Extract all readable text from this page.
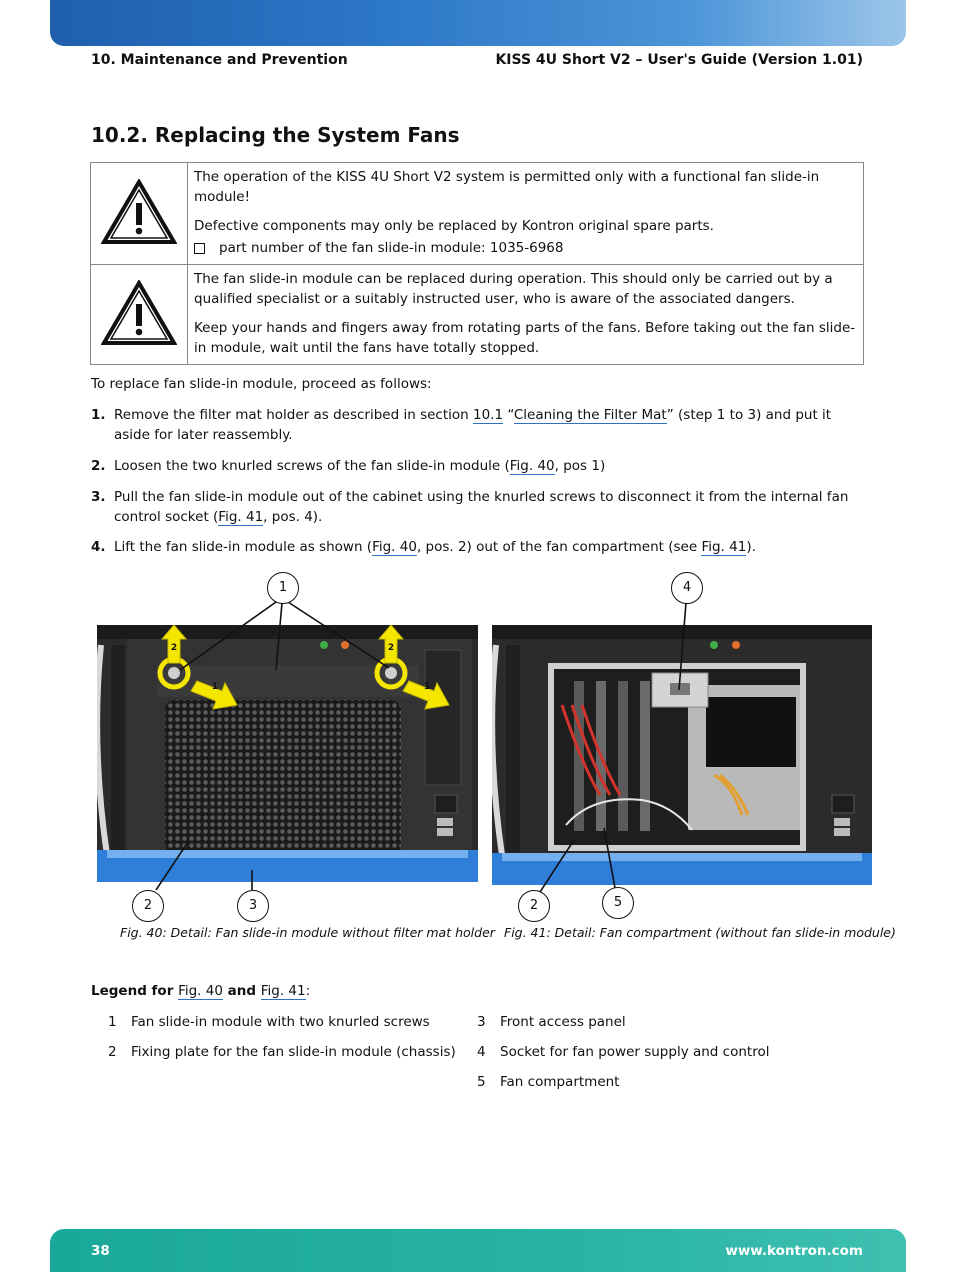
10. Maintenance and Prevention	KISS 4U Short V2 – User's Guide (Version 1.01)
10.2. Replacing the System Fans

The operation of the KISS 4U Short V2 system is permitted only with a functional fan slide-in module!

Defective components may only be replaced by Kontron original spare parts.

part number of the fan slide-in module: 1035-6968

The fan slide-in module can be replaced during operation. This should only be carried out by a qualified specialist or a suitably instructed user, who is aware of the associated dangers.

Keep your hands and fingers away from rotating parts of the fans. Before taking out the fan slide-in module, wait until the fans have totally stopped.

To replace fan slide-in module, proceed as follows:
1. Remove the filter mat holder as described in section 10.1 “Cleaning the Filter Mat” (step 1 to 3) and put it aside for later reassembly.
2. Loosen the two knurled screws of the fan slide-in module (Fig. 40, pos 1)
3. Pull the fan slide-in module out of the cabinet using the knurled screws to disconnect it from the internal fan control socket (Fig. 41, pos. 4).
4. Lift the fan slide-in module as shown (Fig. 40, pos. 2) out of the fan compartment (see Fig. 41).
2	2
1	1
1
2	3
4
2	5
Fig. 40: Detail: Fan slide-in module without filter mat holder Fig. 41: Detail: Fan compartment (without fan slide-in module)
Legend for Fig. 40 and Fig. 41:
1 Fan slide-in module with two knurled screws
2 Fixing plate for the fan slide-in module (chassis)
3 Front access panel
4 Socket for fan power supply and control
5 Fan compartment
38	www.kontron.com
